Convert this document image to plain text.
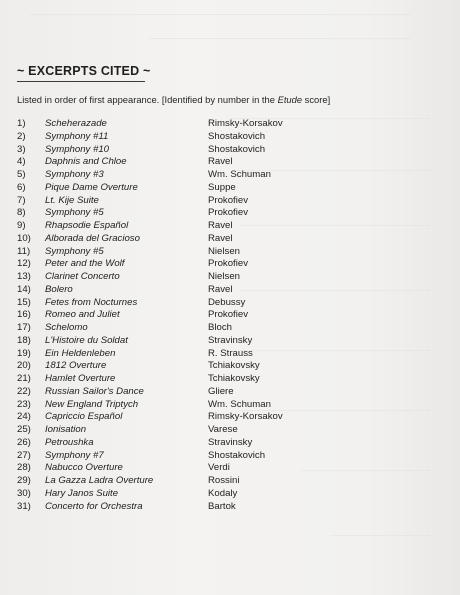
~ EXCERPTS CITED ~
Listed in order of first appearance. [Identified by number in the Etude score]
1)	Scheherazade	Rimsky-Korsakov
2)	Symphony #11	Shostakovich
3)	Symphony #10	Shostakovich
4)	Daphnis and Chloe	Ravel
5)	Symphony #3	Wm. Schuman
6)	Pique Dame Overture	Suppe
7)	Lt. Kije Suite	Prokofiev
8)	Symphony #5	Prokofiev
9)	Rhapsodie Español	Ravel
10)	Alborada del Gracioso	Ravel
11)	Symphony #5	Nielsen
12)	Peter and the Wolf	Prokofiev
13)	Clarinet Concerto	Nielsen
14)	Bolero	Ravel
15)	Fetes from Nocturnes	Debussy
16)	Romeo and Juliet	Prokofiev
17)	Schelomo	Bloch
18)	L'Histoire du Soldat	Stravinsky
19)	Ein Heldenleben	R. Strauss
20)	1812 Overture	Tchiakovsky
21)	Hamlet Overture	Tchiakovsky
22)	Russian Sailor's Dance	Gliere
23)	New England Triptych	Wm. Schuman
24)	Capriccio Español	Rimsky-Korsakov
25)	Ionisation	Varese
26)	Petroushka	Stravinsky
27)	Symphony #7	Shostakovich
28)	Nabucco Overture	Verdi
29)	La Gazza Ladra Overture	Rossini
30)	Hary Janos Suite	Kodaly
31)	Concerto for Orchestra	Bartok
